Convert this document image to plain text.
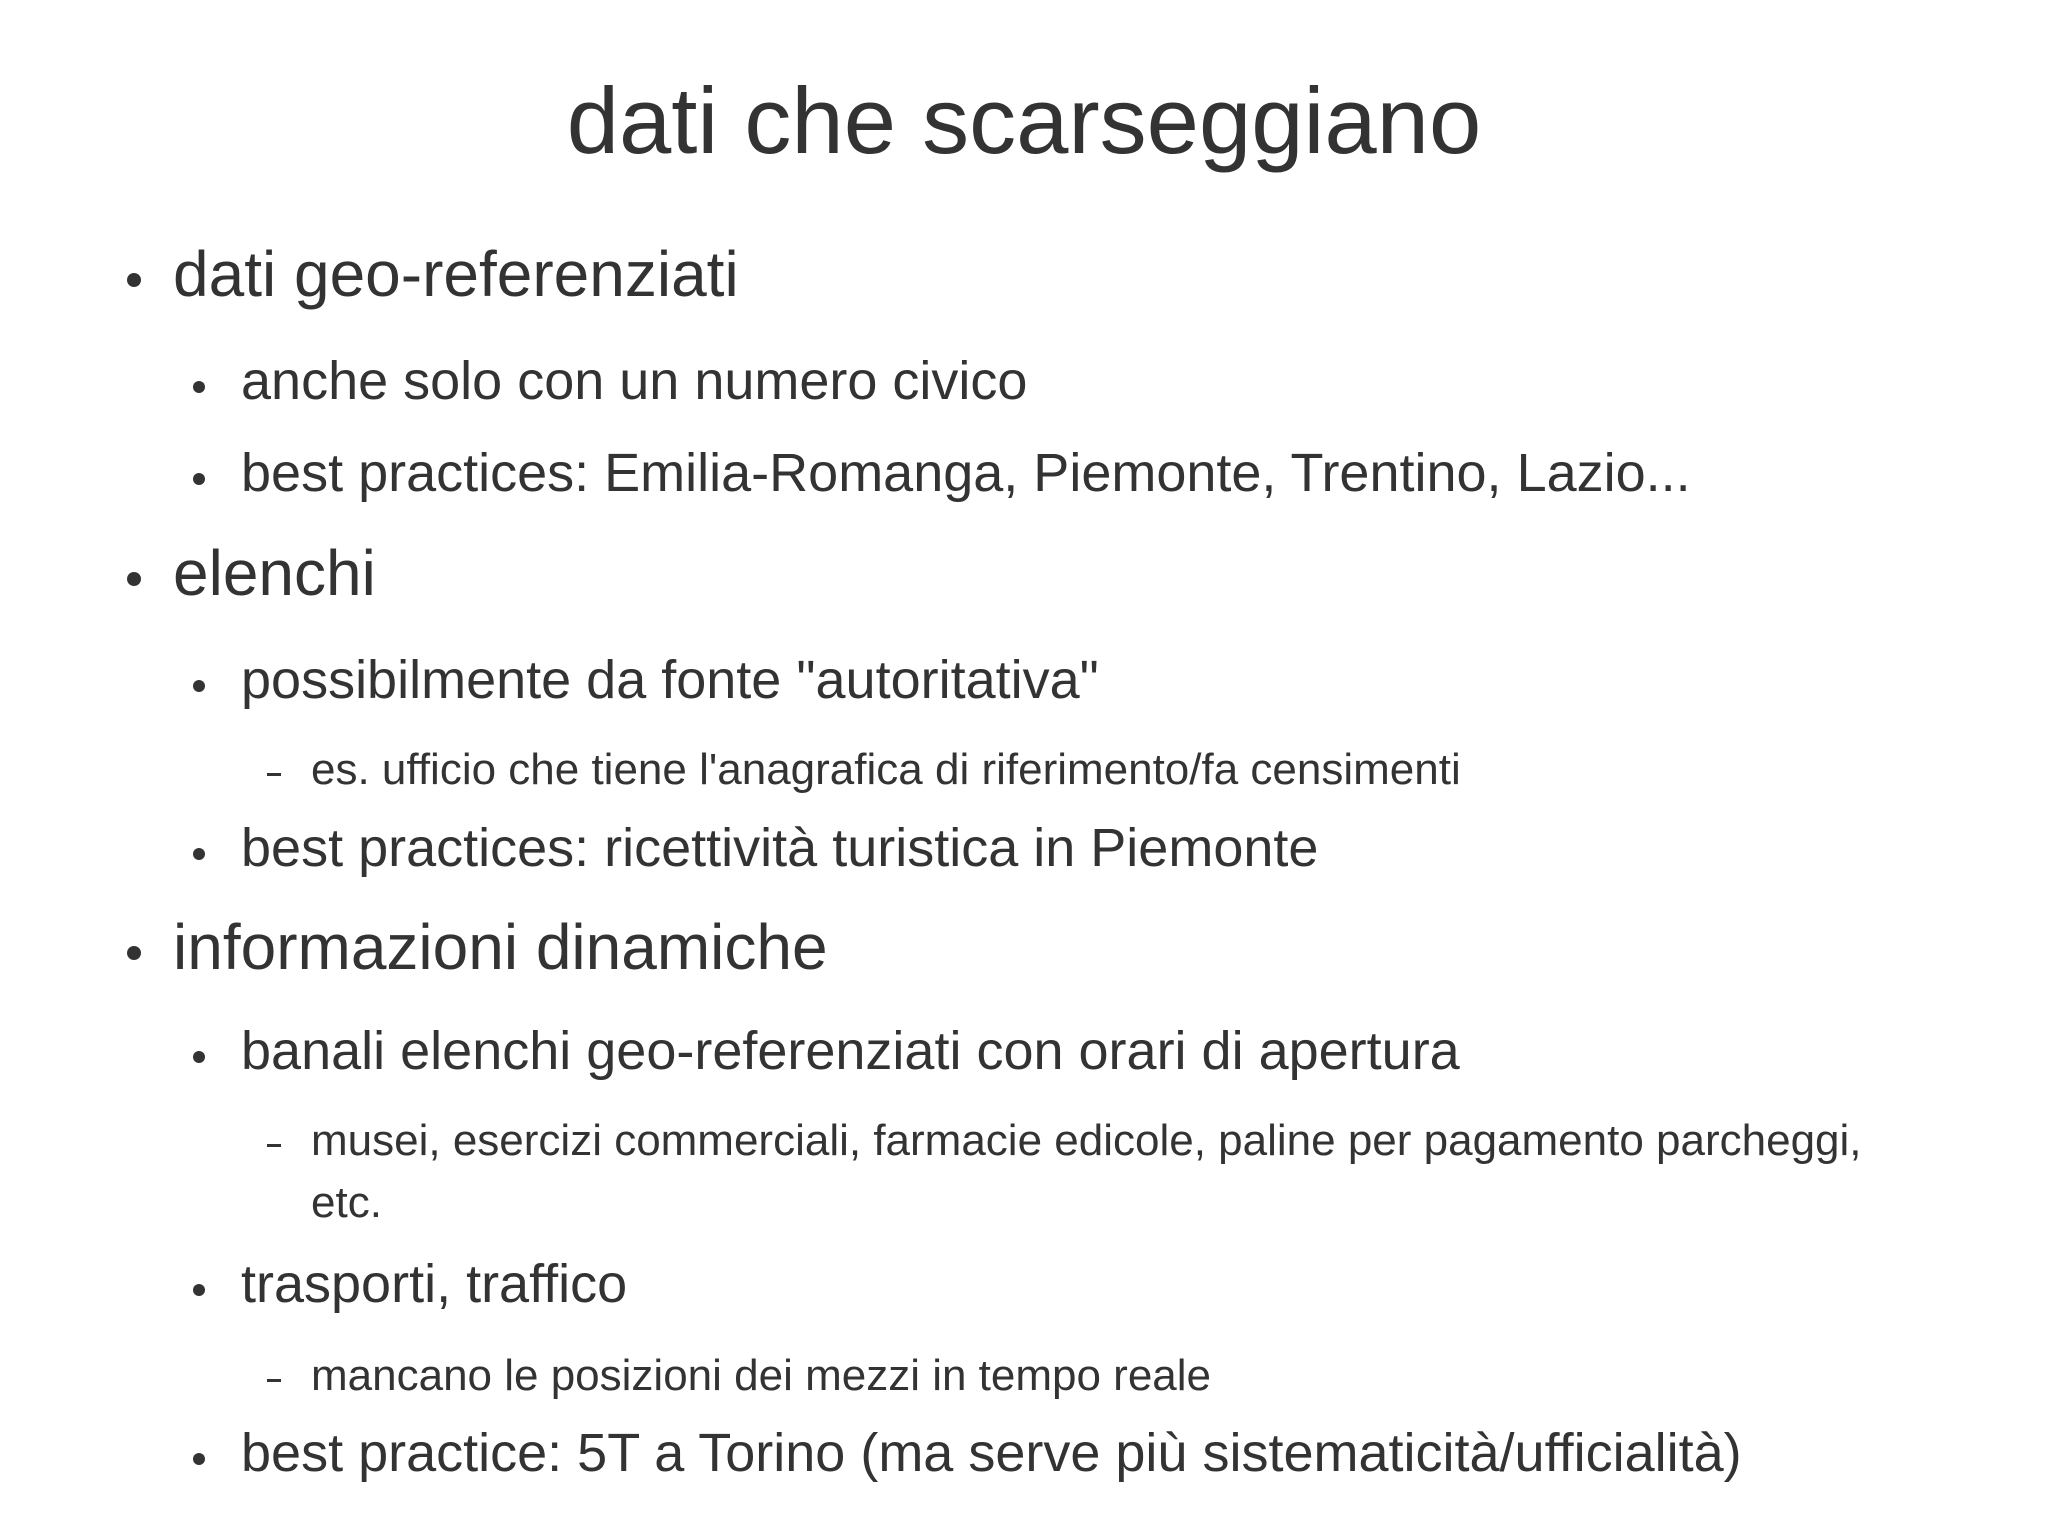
dati che scarseggiano
dati geo-referenziati
anche solo con un numero civico
best practices: Emilia-Romanga, Piemonte, Trentino, Lazio...
elenchi
possibilmente da fonte "autoritativa"
es. ufficio che tiene l'anagrafica di riferimento/fa censimenti
best practices: ricettività turistica in Piemonte
informazioni dinamiche
banali elenchi geo-referenziati con orari di apertura
musei, esercizi commerciali, farmacie edicole, paline per pagamento parcheggi, etc.
trasporti, traffico
mancano le posizioni dei mezzi in tempo reale
best practice: 5T a Torino (ma serve più sistematicità/ufficialità)
